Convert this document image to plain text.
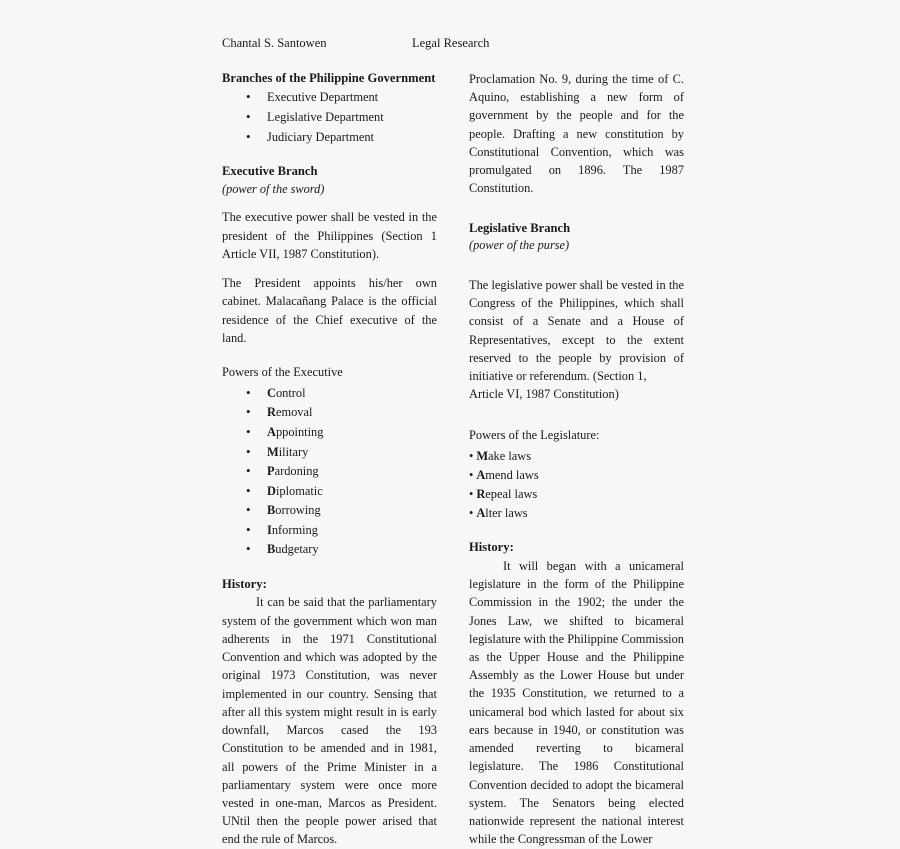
Chantal S. Santowen	Legal Research
Branches of the Philippine Government
• Executive Department
• Legislative Department
• Judiciary Department
Executive Branch

(power of the sword)

The executive power shall be vested in the president of the Philippines (Section 1 Article VII, 1987 Constitution).

The President appoints his/her own cabinet. Malacañang Palace is the official residence of the Chief executive of the land.

Powers of the Executive

• Control
• Removal
• Appointing
• Military
• Pardoning
• Diplomatic
• Borrowing
• Informing
• Budgetary

History:

It can be said that the parliamentary system of the government which won man adherents in the 1971 Constitutional Convention and which was adopted by the original 1973 Constitution, was never implemented in our country. Sensing that after all this system might result in is early downfall, Marcos cased the 193 Constitution to be amended and in 1981, all powers of the Prime Minister in a parliamentary system were once more vested in one-man, Marcos as President. UNtil then the people power arised that end the rule of Marcos.

Proclamation No. 9, during the time of C. Aquino, establishing a new form of government by the people and for the people. Drafting a new constitution by Constitutional Convention, which was promulgated on 1896. The 1987 Constitution.

Legislative Branch

(power of the purse)

The legislative power shall be vested in the Congress of the Philippines, which shall consist of a Senate and a House of Representatives, except to the extent reserved to the people by provision of initiative or referendum. (Section 1,

Article VI, 1987 Constitution)

Powers of the Legislature:

• Make laws
• Amend laws
• Repeal laws
• Alter laws

History:

It will began with a unicameral legislature in the form of the Philippine Commission in the 1902; the under the Jones Law, we shifted to bicameral legislature with the Philippine Commission as the Upper House and the Philippine Assembly as the Lower House but under the 1935 Constitution, we returned to a unicameral bod which lasted for about six ears because in 1940, or constitution was amended reverting to bicameral legislature. The 1986 Constitutional Convention decided to adopt the bicameral system. The Senators being elected nationwide represent the national interest while the Congressman of the Lower
